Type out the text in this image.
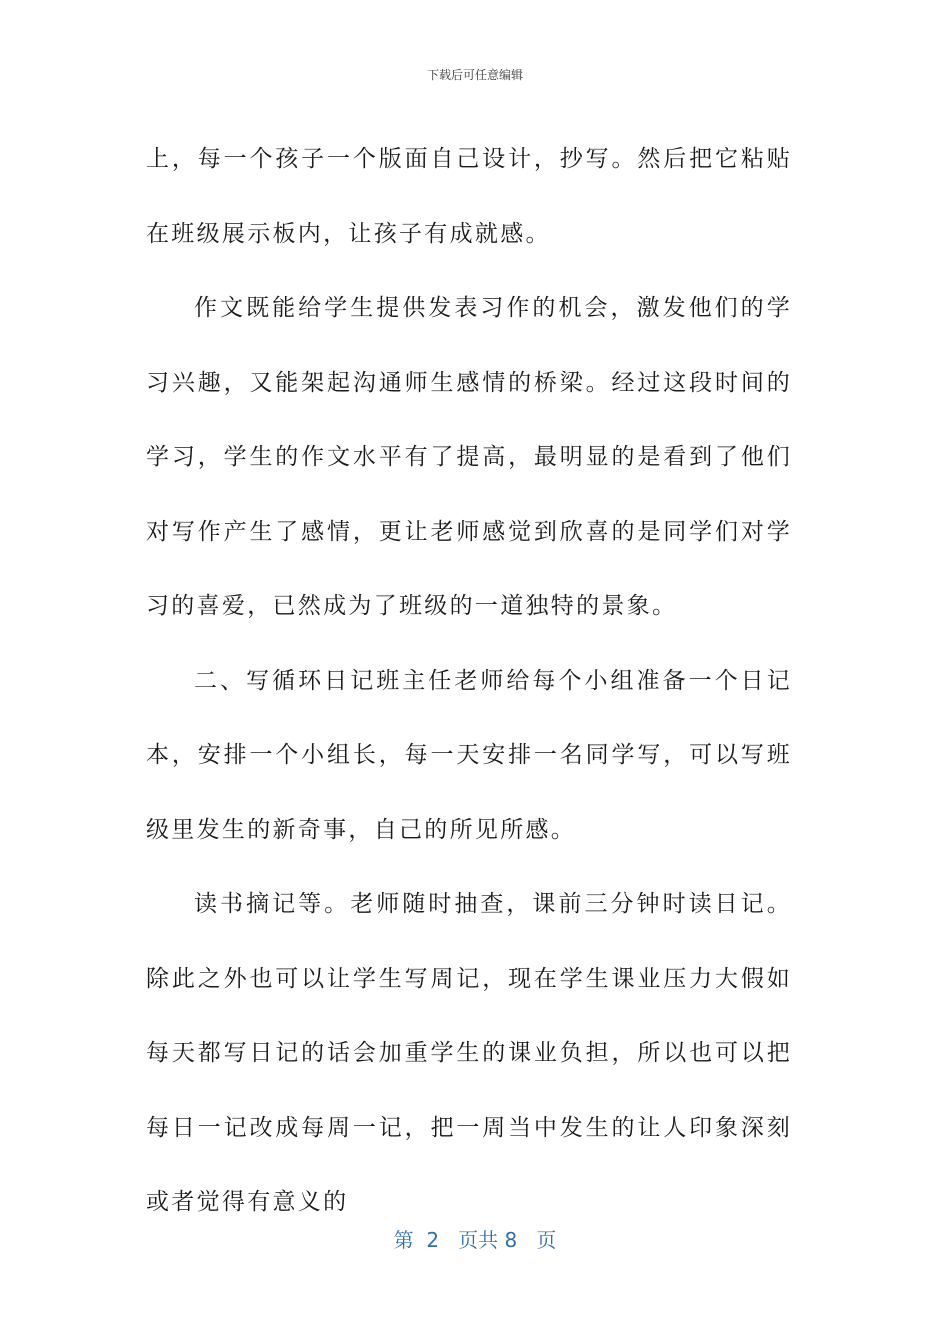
下载后可任意编辑

上，每一个孩子一个版面自己设计，抄写。然后把它粘贴在班级展示板内，让孩子有成就感。

作文既能给学生提供发表习作的机会，激发他们的学习兴趣，又能架起沟通师生感情的桥梁。经过这段时间的学习，学生的作文水平有了提高，最明显的是看到了他们对写作产生了感情，更让老师感觉到欣喜的是同学们对学习的喜爱，已然成为了班级的一道独特的景象。

二、写循环日记班主任老师给每个小组准备一个日记本，安排一个小组长，每一天安排一名同学写，可以写班级里发生的新奇事，自己的所见所感。

读书摘记等。老师随时抽查，课前三分钟时读日记。除此之外也可以让学生写周记，现在学生课业压力大假如每天都写日记的话会加重学生的课业负担，所以也可以把每日一记改成每周一记，把一周当中发生的让人印象深刻或者觉得有意义的

第 2 页共 8 页
